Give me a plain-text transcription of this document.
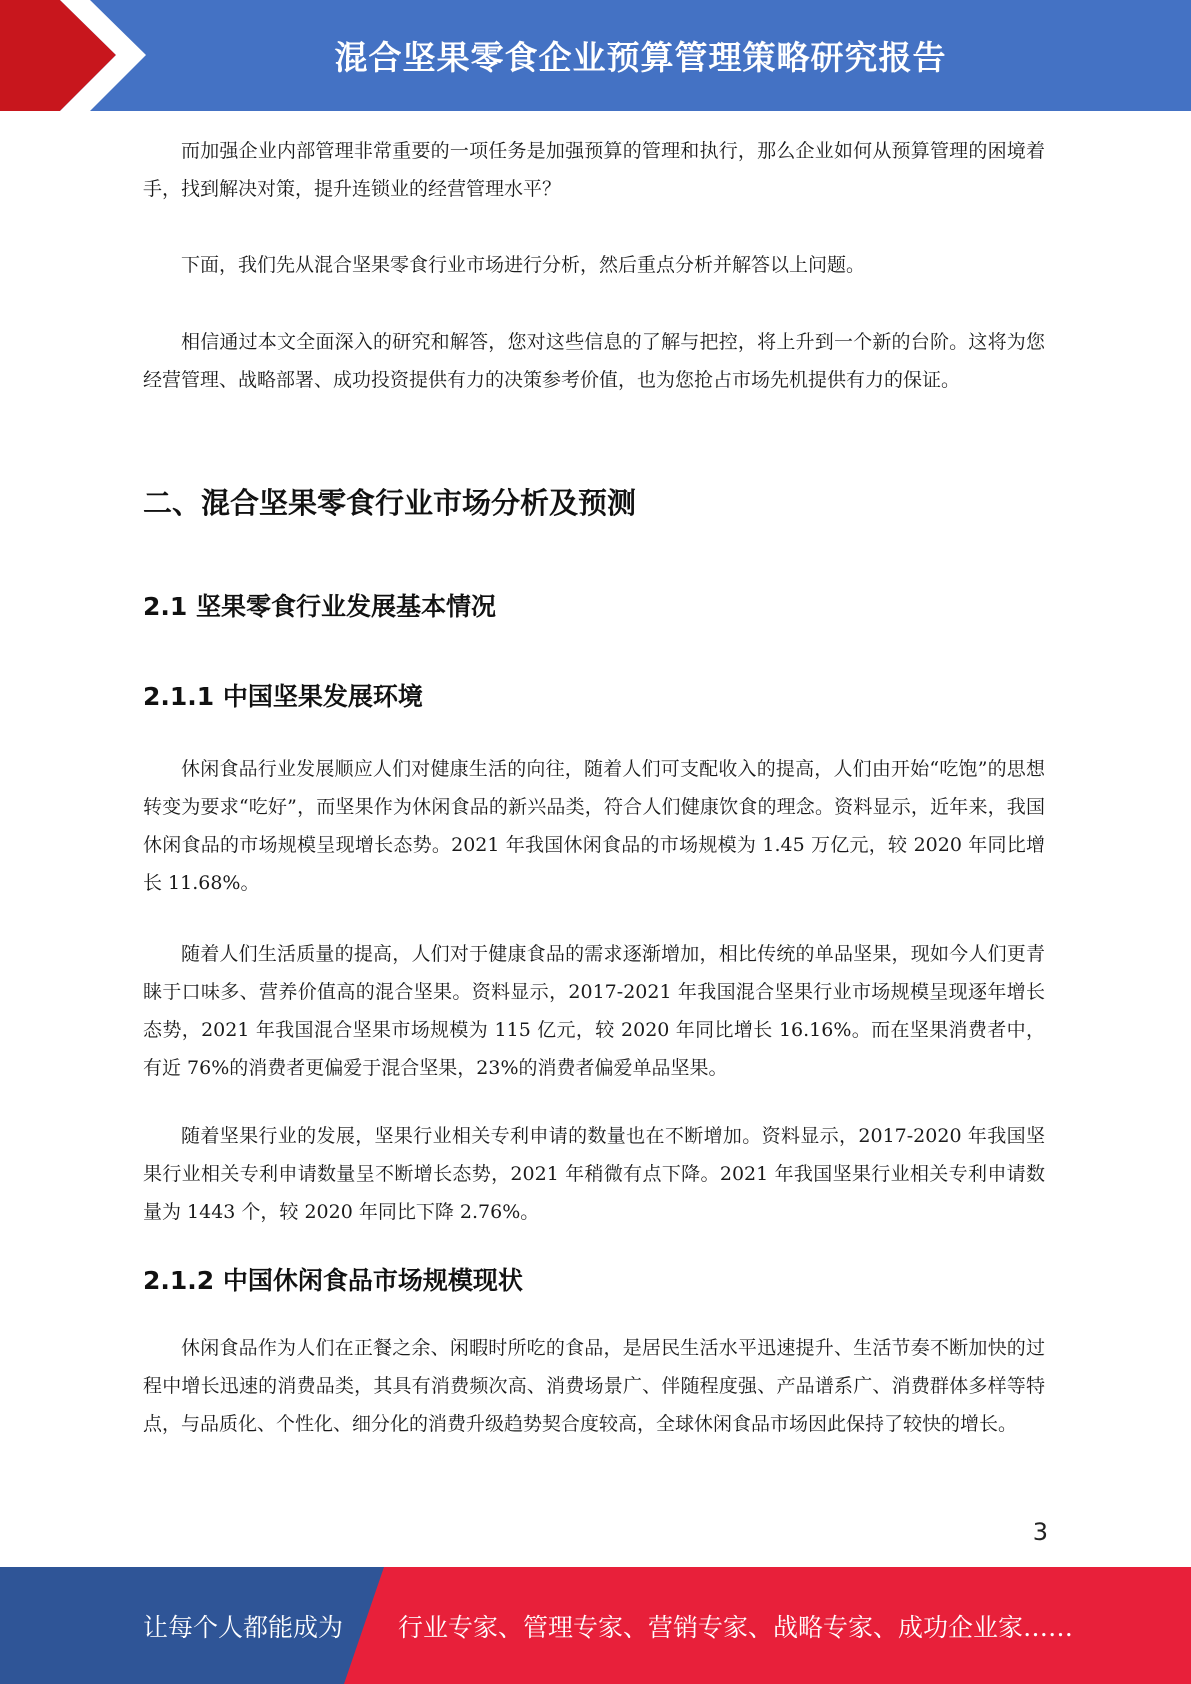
混合坚果零食企业预算管理策略研究报告

而加强企业内部管理非常重要的一项任务是加强预算的管理和执行，那么企业如何从预算管理的困境着手，找到解决对策，提升连锁业的经营管理水平？

下面，我们先从混合坚果零食行业市场进行分析，然后重点分析并解答以上问题。

相信通过本文全面深入的研究和解答，您对这些信息的了解与把控，将上升到一个新的台阶。这将为您经营管理、战略部署、成功投资提供有力的决策参考价值，也为您抢占市场先机提供有力的保证。

二、混合坚果零食行业市场分析及预测
2.1 坚果零食行业发展基本情况
2.1.1 中国坚果发展环境

休闲食品行业发展顺应人们对健康生活的向往，随着人们可支配收入的提高，人们由开始“吃饱”的思想转变为要求“吃好”，而坚果作为休闲食品的新兴品类，符合人们健康饮食的理念。资料显示，近年来，我国休闲食品的市场规模呈现增长态势。2021 年我国休闲食品的市场规模为 1.45 万亿元，较 2020 年同比增长 11.68%。

随着人们生活质量的提高，人们对于健康食品的需求逐渐增加，相比传统的单品坚果，现如今人们更青睐于口味多、营养价值高的混合坚果。资料显示，2017-2021 年我国混合坚果行业市场规模呈现逐年增长态势，2021 年我国混合坚果市场规模为 115 亿元，较 2020 年同比增长 16.16%。而在坚果消费者中，有近 76%的消费者更偏爱于混合坚果，23%的消费者偏爱单品坚果。

随着坚果行业的发展，坚果行业相关专利申请的数量也在不断增加。资料显示，2017-2020 年我国坚果行业相关专利申请数量呈不断增长态势，2021 年稍微有点下降。2021 年我国坚果行业相关专利申请数量为 1443 个，较 2020 年同比下降 2.76%。

2.1.2 中国休闲食品市场规模现状

休闲食品作为人们在正餐之余、闲暇时所吃的食品，是居民生活水平迅速提升、生活节奏不断加快的过程中增长迅速的消费品类，其具有消费频次高、消费场景广、伴随程度强、产品谱系广、消费群体多样等特点，与品质化、个性化、细分化的消费升级趋势契合度较高，全球休闲食品市场因此保持了较快的增长。

3
让每个人都能成为 行业专家、管理专家、营销专家、战略专家、成功企业家……
